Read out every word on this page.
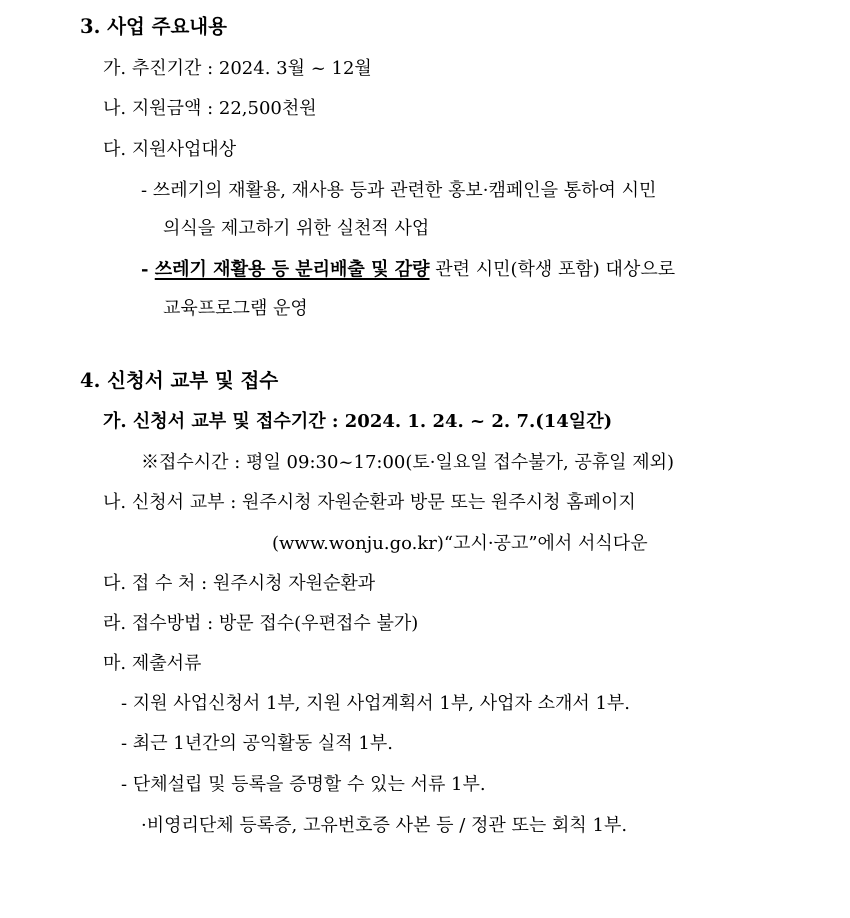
3. 사업 주요내용
가. 추진기간 : 2024. 3월 ~ 12월
나. 지원금액 : 22,500천원
다. 지원사업대상
- 쓰레기의 재활용, 재사용 등과 관련한 홍보·캠페인을 통하여 시민
의식을 제고하기 위한 실천적 사업
- 쓰레기 재활용 등 분리배출 및 감량 관련 시민(학생 포함) 대상으로
교육프로그램 운영
4. 신청서 교부 및 접수
가. 신청서 교부 및 접수기간 : 2024. 1. 24. ~ 2. 7.(14일간)
※접수시간 : 평일 09:30~17:00(토·일요일 접수불가, 공휴일 제외)
나. 신청서 교부 : 원주시청 자원순환과 방문 또는 원주시청 홈페이지
(www.wonju.go.kr)“고시·공고”에서 서식다운
다. 접 수 처 : 원주시청 자원순환과
라. 접수방법 : 방문 접수(우편접수 불가)
마. 제출서류
- 지원 사업신청서 1부, 지원 사업계획서 1부, 사업자 소개서 1부.
- 최근 1년간의 공익활동 실적 1부.
- 단체설립 및 등록을 증명할 수 있는 서류 1부.
·비영리단체 등록증, 고유번호증 사본 등 / 정관 또는 회칙 1부.
